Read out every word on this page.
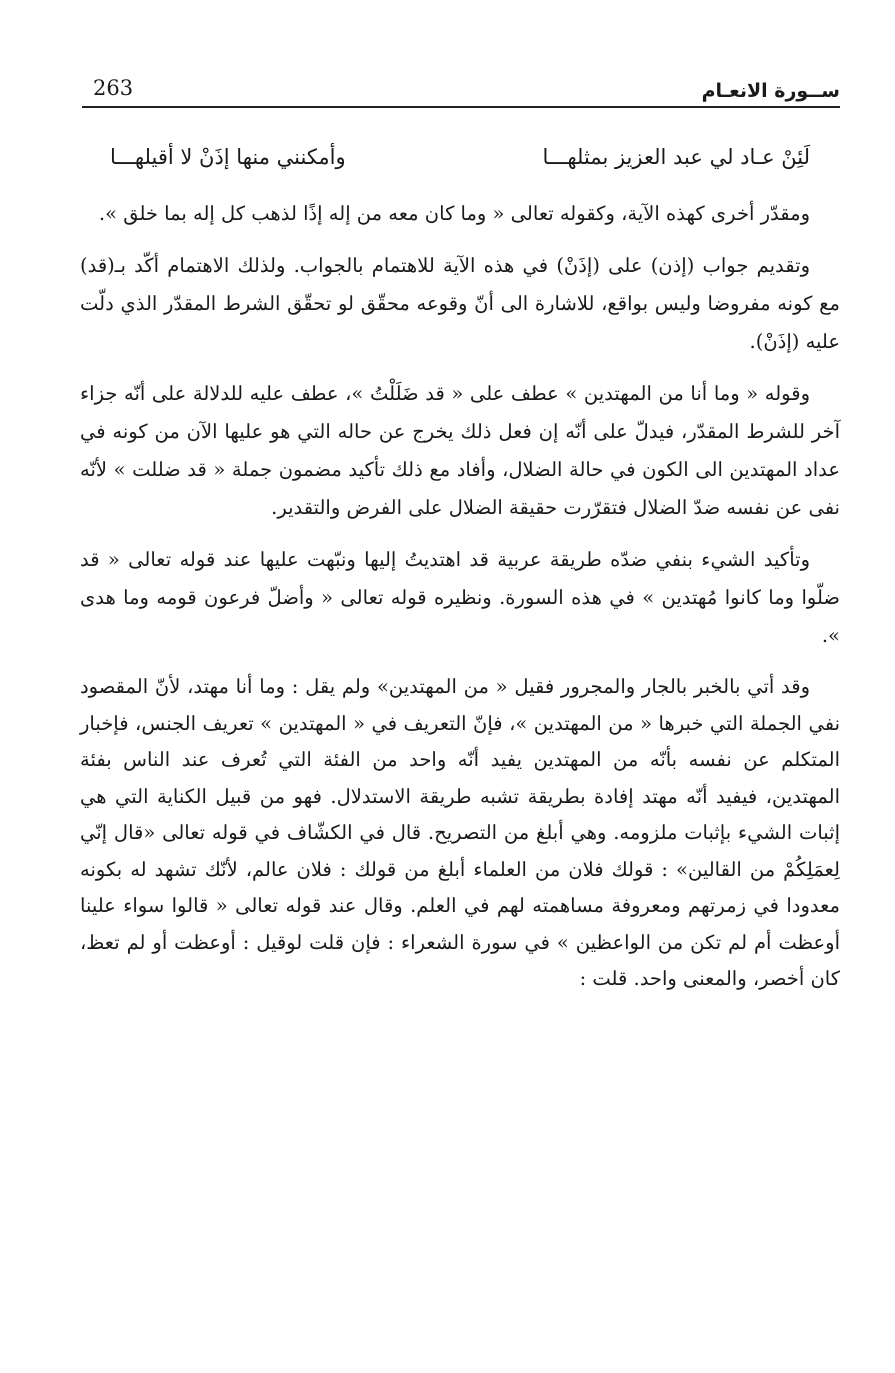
263	ســورة الانعـام
لَئِنْ عـاد لي عبد العزيز بمثلهـــا
وأمكنني منها إذَنْ لا أقيلهـــا

ومقدّر أخرى كهذه الآية، وكقوله تعالى « وما كان معه من إله إذًا لذهب كل إله بما خلق ».

وتقديم جواب (إذن) على (إذَنْ) في هذه الآية للاهتمام بالجواب. ولذلك الاهتمام أكّد بـ(قد) مع كونه مفروضا وليس بواقع، للاشارة الى أنّ وقوعه محقّق لو تحقّق الشرط المقدّر الذي دلّت عليه (إذَنْ).

وقوله « وما أنا من المهتدين » عطف على « قد ضَلَلْتُ »، عطف عليه للدلالة على أنّه جزاء آخر للشرط المقدّر، فيدلّ على أنّه إن فعل ذلك يخرج عن حاله التي هو عليها الآن من كونه في عداد المهتدين الى الكون في حالة الضلال، وأفاد مع ذلك تأكيد مضمون جملة « قد ضللت » لأنّه نفى عن نفسه ضدّ الضلال فتقرّرت حقيقة الضلال على الفرض والتقدير.

وتأكيد الشيء بنفي ضدّه طريقة عربية قد اهتديتُ إليها ونبّهت عليها عند قوله تعالى « قد ضلّوا وما كانوا مُهتدين » في هذه السورة. ونظيره قوله تعالى « وأضلّ فرعون قومه وما هدى ».

وقد أتي بالخبر بالجار والمجرور فقيل « من المهتدين» ولم يقل : وما أنا مهتد، لأنّ المقصود نفي الجملة التي خبرها « من المهتدين »، فإنّ التعريف في « المهتدين » تعريف الجنس، فإخبار المتكلم عن نفسه بأنّه من المهتدين يفيد أنّه واحد من الفئة التي تُعرف عند الناس بفئة المهتدين، فيفيد أنّه مهتد إفادة بطريقة تشبه طريقة الاستدلال. فهو من قبيل الكناية التي هي إثبات الشيء بإثبات ملزومه. وهي أبلغ من التصريح. قال في الكشّاف في قوله تعالى «قال إنّي لِعمَلِكُمْ من القالين» : قولك فلان من العلماء أبلغ من قولك : فلان عالم، لأنّك تشهد له بكونه معدودا في زمرتهم ومعروفة مساهمته لهم في العلم. وقال عند قوله تعالى « قالوا سواء علينا أوعظت أم لم تكن من الواعظين » في سورة الشعراء : فإن قلت لوقيل : أوعظت أو لم تعظ، كان أخصر، والمعنى واحد. قلت :
